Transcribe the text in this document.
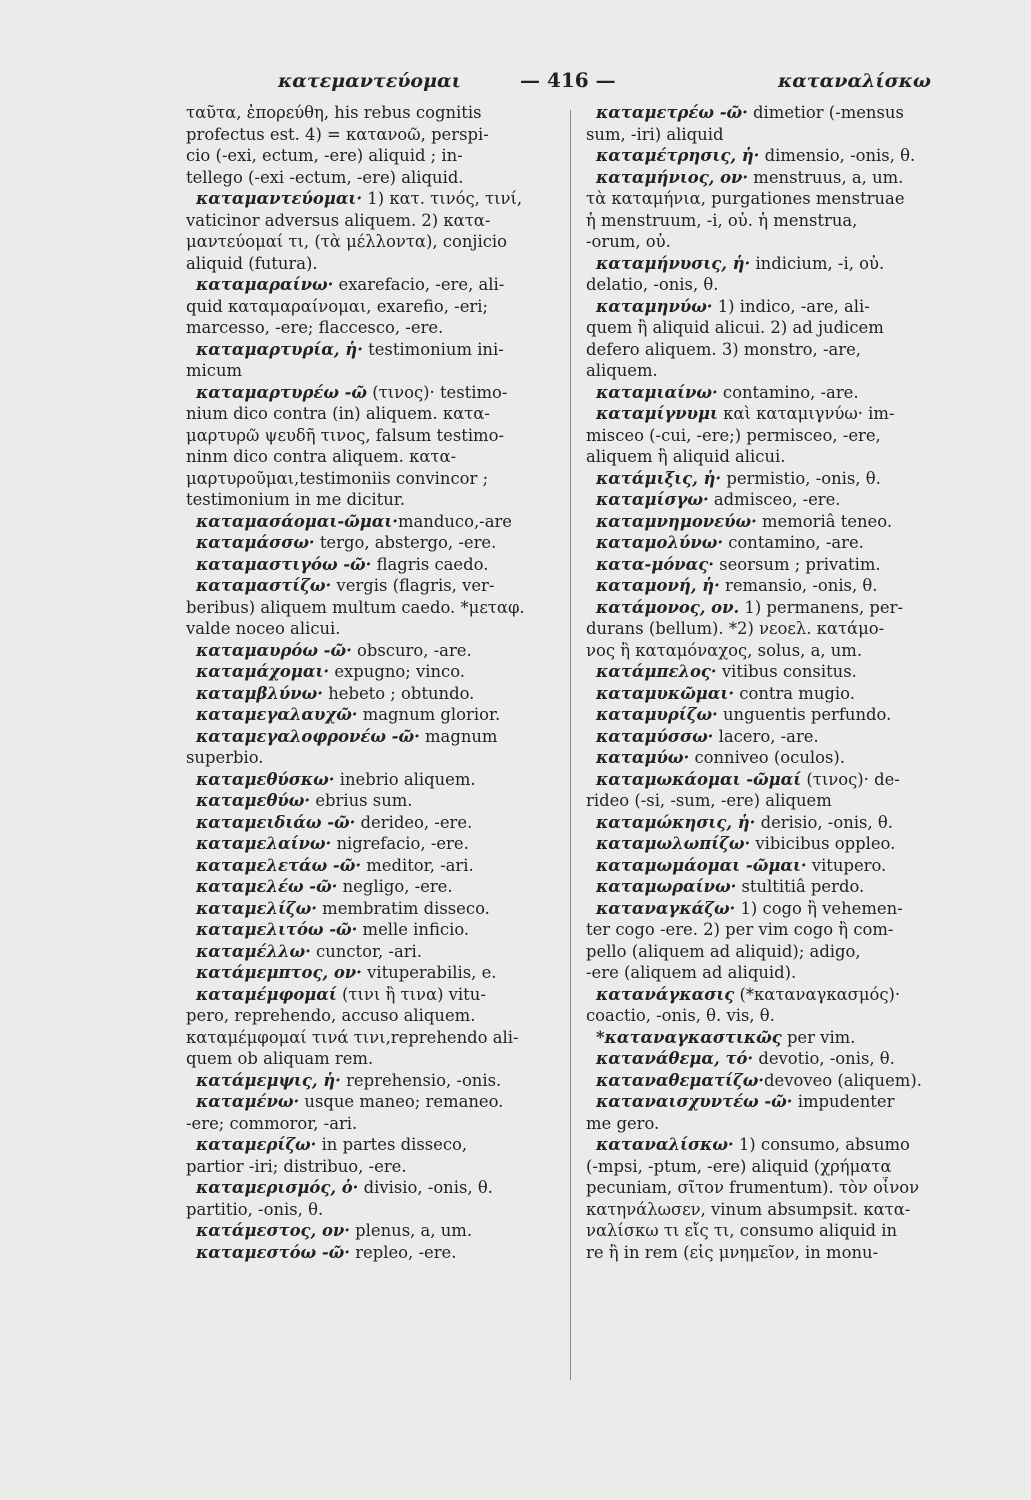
κατεμαντεύομαι	— 416 —	καταναλίσκω
ταῦτα, ἐπορεύθη, his rebus cognitis
profectus est. 4) = κατανοῶ, perspi-
cio (-exi, ectum, -ere) aliquid ; in-
tellego (-exi -ectum, -ere) aliquid.
καταμαντεύομαι· 1) κατ. τινός, τινί,
vaticinor adversus aliquem. 2) κατα-
μαντεύομαί τι, (τὰ μέλλοντα), conjicio
aliquid (futura).
καταμαραίνω· exarefacio, -ere, ali-
quid καταμαραίνομαι, exarefio, -eri;
marcesso, -ere; flaccesco, -ere.
καταμαρτυρία, ἡ· testimonium ini-
micum
καταμαρτυρέω -ῶ (τινος)· testimo-
nium dico contra (in) aliquem. κατα-
μαρτυρῶ ψευδῆ τινος, falsum testimo-
ninm dico contra aliquem. κατα-
μαρτυροῦμαι,testimoniis convincor ;
testimonium in me dicitur.
καταμασάομαι-ῶμαι·manduco,-are
καταμάσσω· tergo, abstergo, -ere.
καταμαστιγόω -ῶ· flagris caedo.
καταμαστίζω· vergis (flagris, ver-
beribus) aliquem multum caedo. *μεταφ.
valde noceo alicui.
καταμαυρόω -ῶ· obscuro, -are.
καταμάχομαι· expugno; vinco.
καταμβλύνω· hebeto ; obtundo.
καταμεγαλαυχῶ· magnum glorior.
καταμεγαλοφρονέω -ῶ· magnum
superbio.
καταμεθύσκω· inebrio aliquem.
καταμεθύω· ebrius sum.
καταμειδιάω -ῶ· derideo, -ere.
καταμελαίνω· nigrefacio, -ere.
καταμελετάω -ῶ· meditor, -ari.
καταμελέω -ῶ· negligo, -ere.
καταμελίζω· membratim disseco.
καταμελιτόω -ῶ· melle inficio.
καταμέλλω· cunctor, -ari.
κατάμεμπτος, ον· vituperabilis, e.
καταμέμφομαί (τινι ἢ τινα) vitu-
pero, reprehendo, accuso aliquem.
καταμέμφομαί τινά τινι,reprehendo ali-
quem ob aliquam rem.
κατάμεμψις, ἡ· reprehensio, -onis.
καταμένω· usque maneo; remaneo.
-ere; commoror, -ari.
καταμερίζω· in partes disseco,
partior -iri; distribuo, -ere.
καταμερισμός, ὁ· divisio, -onis, θ.
partitio, -onis, θ.
κατάμεστος, ον· plenus, a, um.
καταμεστόω -ῶ· repleo, -ere.
καταμετρέω -ῶ· dimetior (-mensus
sum, -iri) aliquid
καταμέτρησις, ἡ· dimensio, -onis, θ.
καταμήνιος, ον· menstruus, a, um.
τὰ καταμήνια, purgationes menstruae
ἡ menstruum, -i, οὐ. ἡ menstrua,
-orum, οὐ.
καταμήνυσις, ἡ· indicium, -i, οὐ.
delatio, -onis, θ.
καταμηνύω· 1) indico, -are, ali-
quem ἢ aliquid alicui. 2) ad judicem
defero aliquem. 3) monstro, -are,
aliquem.
καταμιαίνω· contamino, -are.
καταμίγνυμι καὶ καταμιγνύω· im-
misceo (-cui, -ere;) permisceo, -ere,
aliquem ἢ aliquid alicui.
κατάμιξις, ἡ· permistio, -onis, θ.
καταμίσγω· admisceo, -ere.
καταμνημονεύω· memoriâ teneo.
καταμολύνω· contamino, -are.
κατα-μόνας· seorsum ; privatim.
καταμονή, ἡ· remansio, -onis, θ.
κατάμονος, ον. 1) permanens, per-
durans (bellum). *2) νεοελ. κατάμο-
νος ἢ καταμόναχος, solus, a, um.
κατάμπελος· vitibus consitus.
καταμυκῶμαι· contra mugio.
καταμυρίζω· unguentis perfundo.
καταμύσσω· lacero, -are.
καταμύω· conniveo (oculos).
καταμωκάομαι -ῶμαί (τινος)· de-
rideo (-si, -sum, -ere) aliquem
καταμώκησις, ἡ· derisio, -onis, θ.
καταμωλωπίζω· vibicibus oppleo.
καταμωμάομαι -ῶμαι· vitupero.
καταμωραίνω· stultitiâ perdo.
καταναγκάζω· 1) cogo ἢ vehemen-
ter cogo -ere. 2) per vim cogo ἢ com-
pello (aliquem ad aliquid); adigo,
-ere (aliquem ad aliquid).
κατανάγκασις (*καταναγκασμός)·
coactio, -onis, θ. vis, θ.
*καταναγκαστικῶς per vim.
κατανάθεμα, τό· devotio, -onis, θ.
καταναθεματίζω·devoveo (aliquem).
καταναισχυντέω -ῶ· impudenter
me gero.
καταναλίσκω· 1) consumo, absumo
(-mpsi, -ptum, -ere) aliquid (χρήματα
pecuniam, σῖτον frumentum). τὸν οἶνον
κατηνάλωσεν, vinum absumpsit. κατα-
ναλίσκω τι εἴς τι, consumo aliquid in
re ἢ in rem (εἰς μνημεῖον, in monu-
